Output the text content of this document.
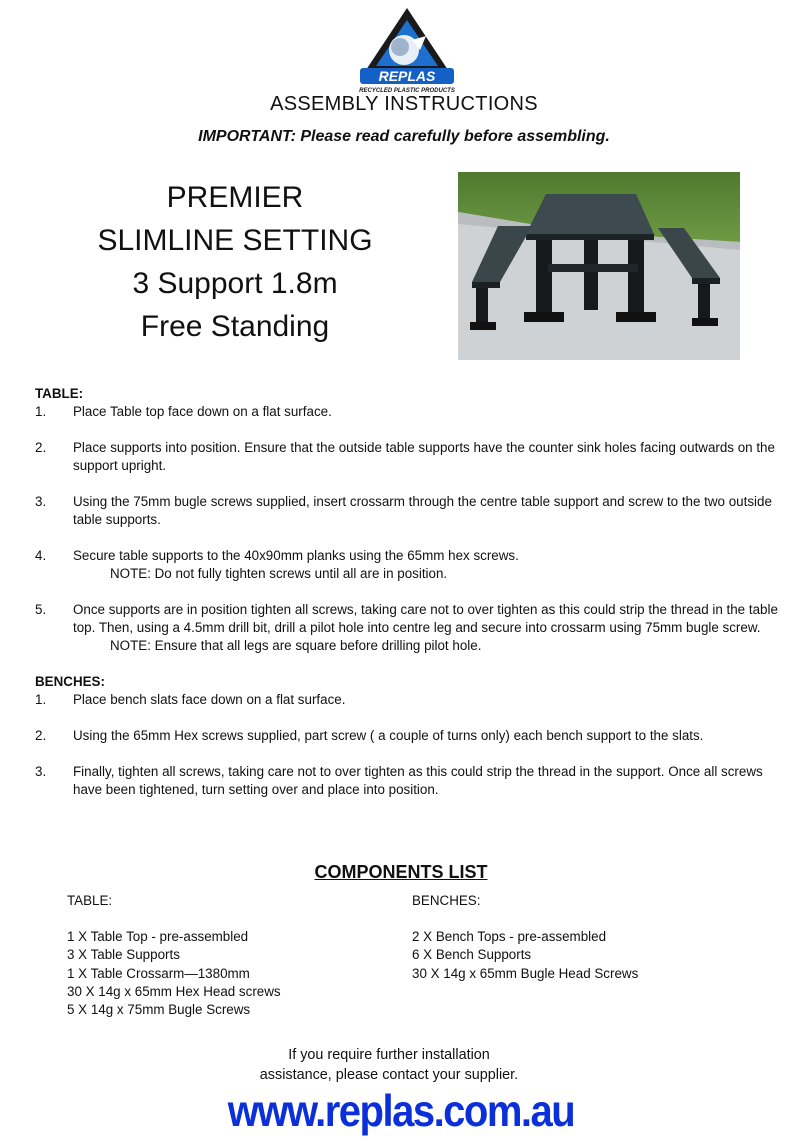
REPLAS
RECYCLED PLASTIC PRODUCTS
ASSEMBLY INSTRUCTIONS
IMPORTANT: Please read carefully before assembling.
PREMIER
SLIMLINE SETTING
3 Support 1.8m
Free Standing
TABLE:
1.	Place Table top face down on a flat surface.
2.	Place supports into position. Ensure that the outside table supports have the counter sink holes facing outwards on the support upright.
3.	Using the 75mm bugle screws supplied, insert crossarm through the centre table support and screw to the two outside table supports.
4.	Secure table supports to the 40x90mm planks using the 65mm hex screws.
NOTE: Do not fully tighten screws until all are in position.
5.	Once supports are in position tighten all screws, taking care not to over tighten as this could strip the thread in the table top. Then, using a 4.5mm drill bit, drill a pilot hole into centre leg and secure into crossarm using 75mm bugle screw.
NOTE: Ensure that all legs are square before drilling pilot hole.
BENCHES:
1.	Place bench slats face down on a flat surface.
2.	Using the 65mm Hex screws supplied, part screw ( a couple of turns only) each bench support to the slats.
3.	Finally, tighten all screws, taking care not to over tighten as this could strip the thread in the support. Once all screws have been tightened, turn setting over and place into position.
COMPONENTS LIST
TABLE:
1 X Table Top - pre-assembled
3 X Table Supports
1 X Table Crossarm—1380mm
30 X 14g x 65mm Hex Head screws
5 X 14g x 75mm Bugle Screws
BENCHES:
2 X Bench Tops - pre-assembled
6 X Bench Supports
30 X 14g x 65mm Bugle Head Screws
If you require further installation
assistance, please contact your supplier.
www.replas.com.au
